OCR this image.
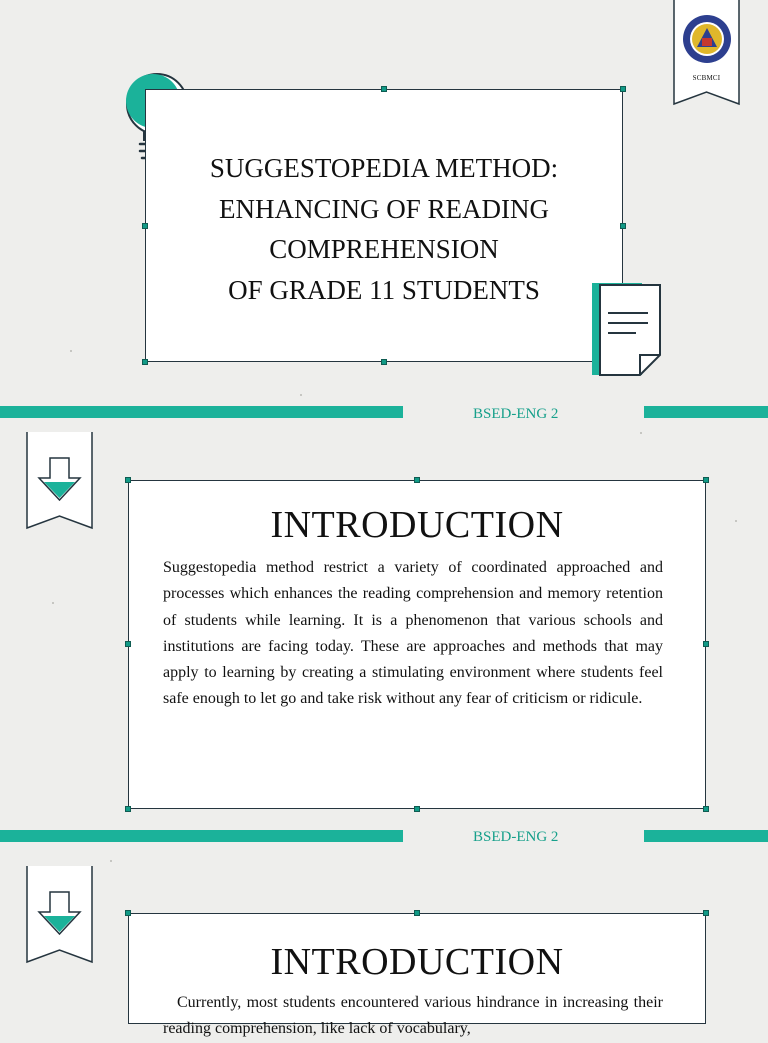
SUGGESTOPEDIA METHOD:
ENHANCING OF READING
COMPREHENSION
OF GRADE 11 STUDENTS
SCBMCI
BSED-ENG 2
INTRODUCTION
Suggestopedia method restrict a variety of coordinated approached and processes which enhances the reading comprehension and memory retention of students while learning. It is a phenomenon that various schools and institutions are facing today. These are approaches and methods that may apply to learning by creating a stimulating environment where students feel safe enough to let go and take risk without any fear of criticism or ridicule.
BSED-ENG 2
INTRODUCTION
Currently, most students encountered various hindrance in increasing their reading comprehension, like lack of vocabulary,
